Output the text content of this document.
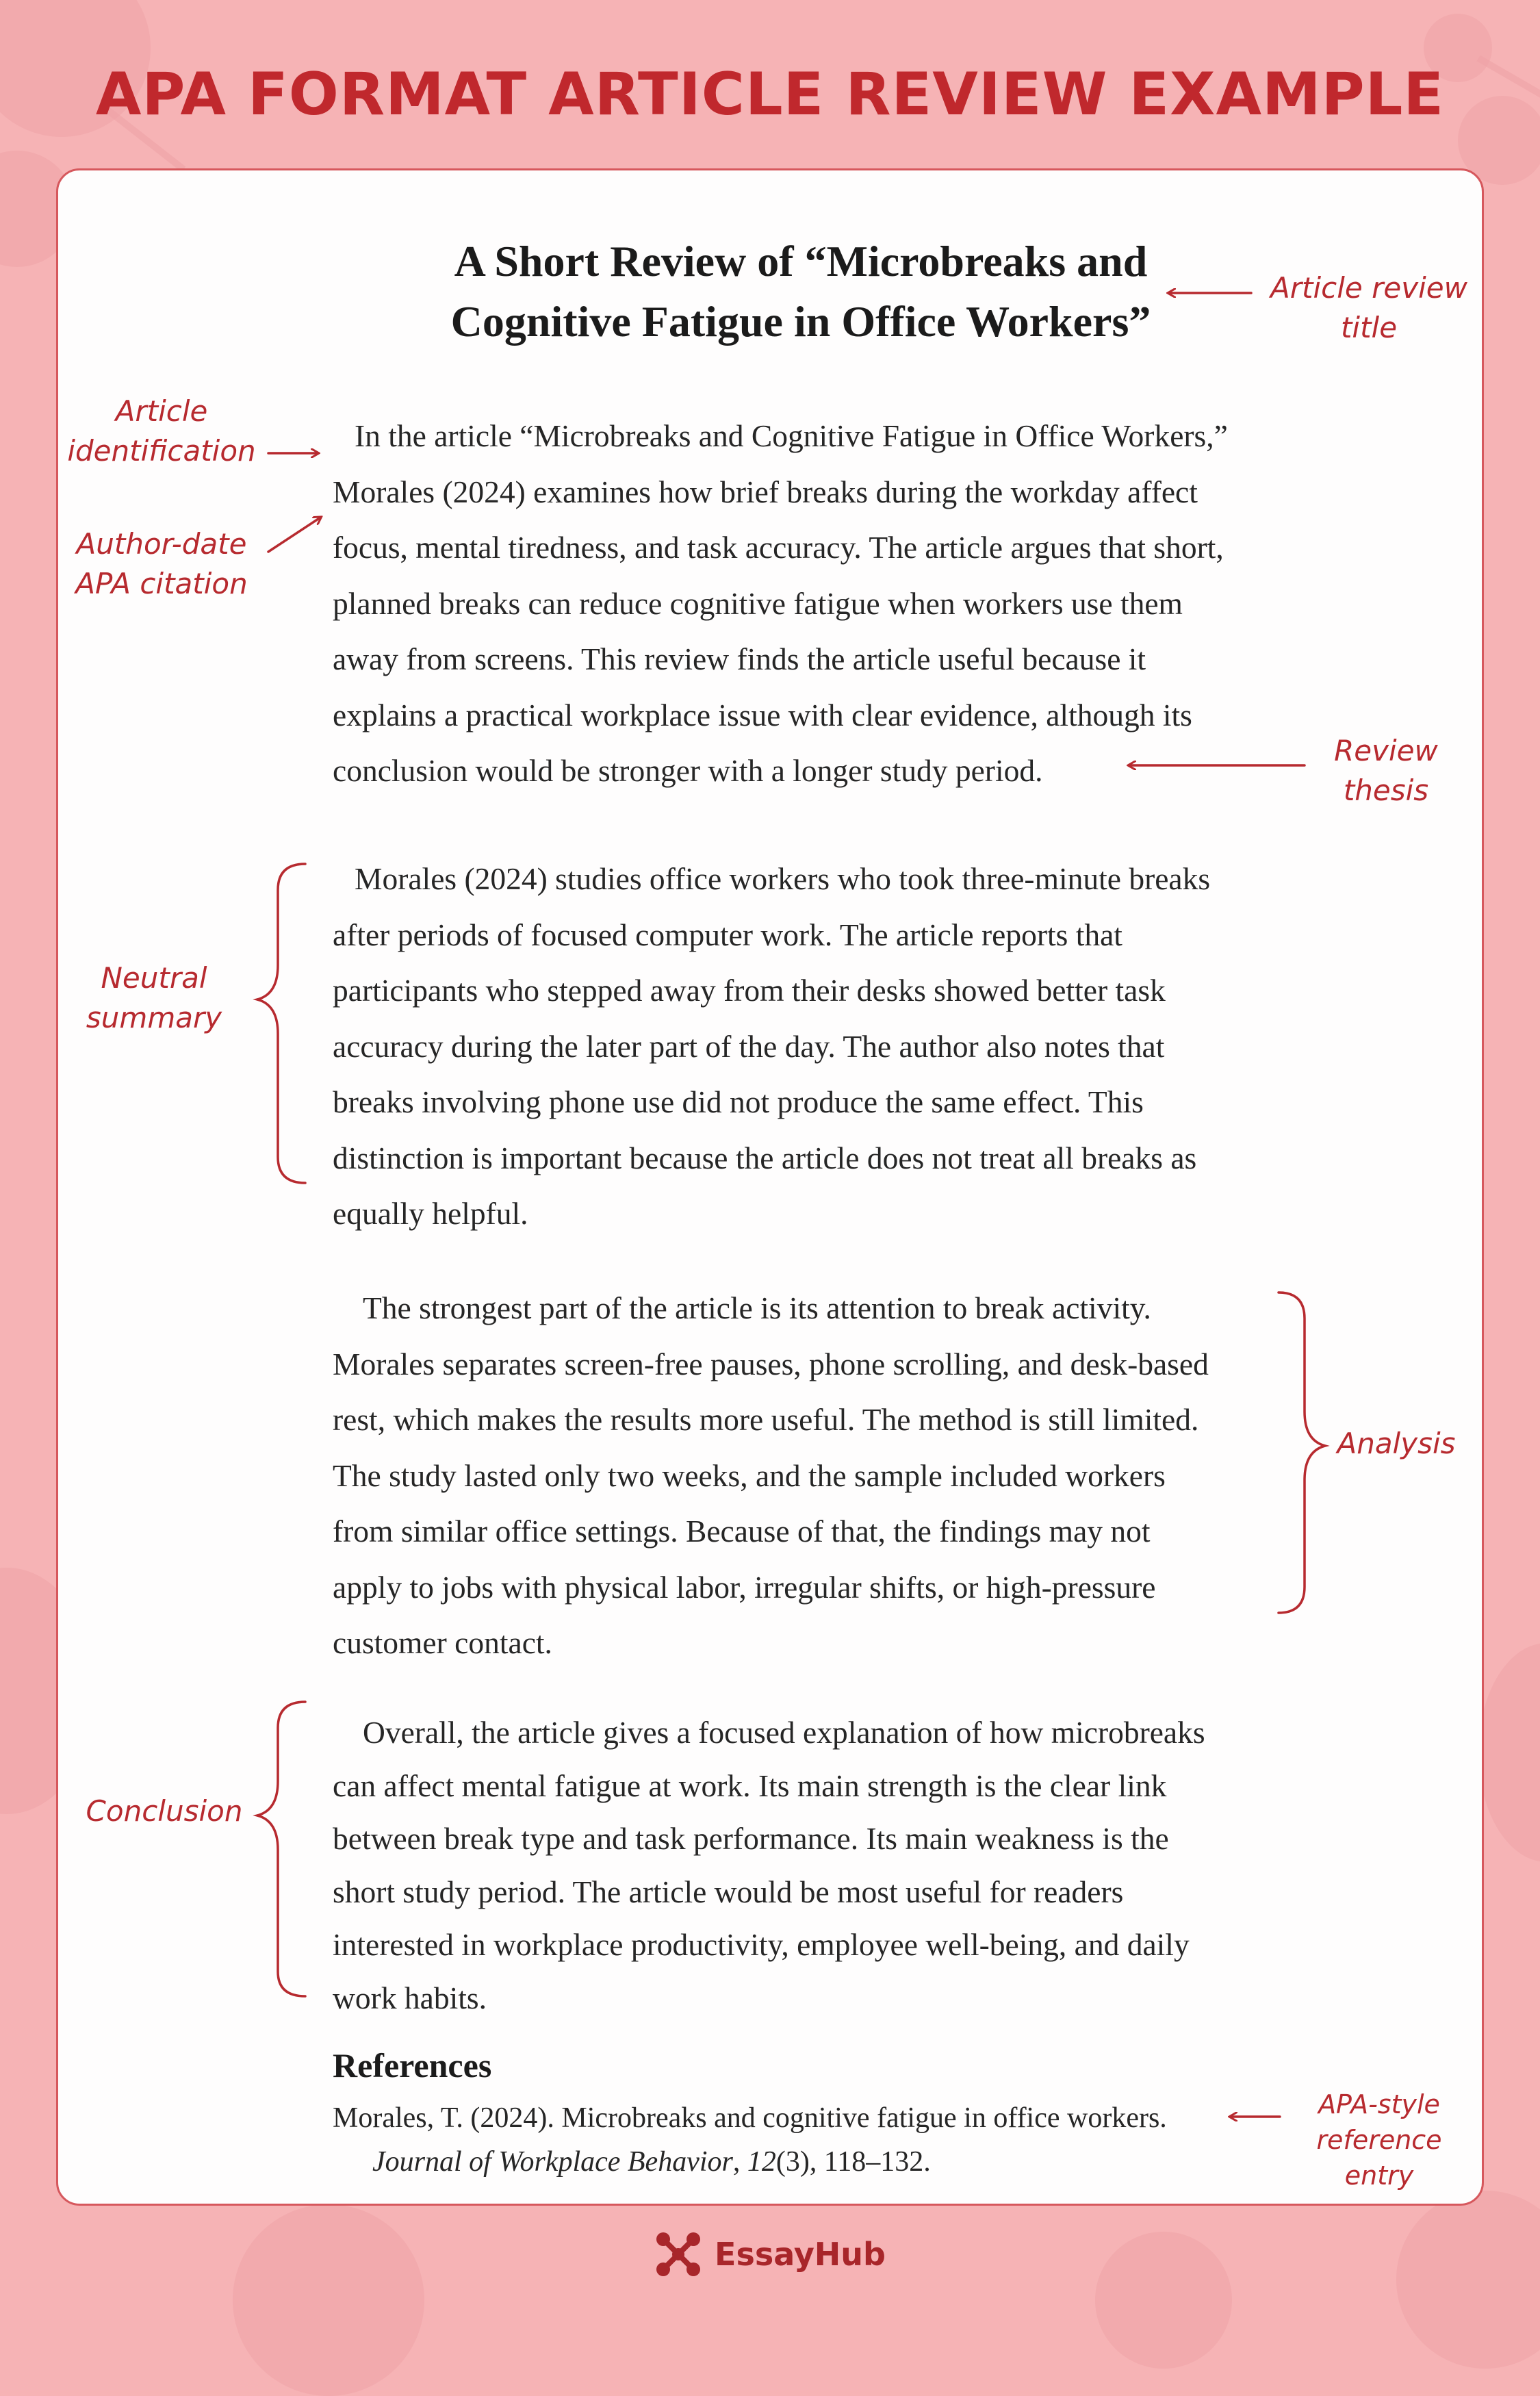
APA FORMAT ARTICLE REVIEW EXAMPLE
A Short Review of “Microbreaks and
Cognitive Fatigue in Office Workers”
In the article “Microbreaks and Cognitive Fatigue in Office Workers,”
Morales (2024) examines how brief breaks during the workday affect
focus, mental tiredness, and task accuracy. The article argues that short,
planned breaks can reduce cognitive fatigue when workers use them
away from screens. This review finds the article useful because it
explains a practical workplace issue with clear evidence, although its
conclusion would be stronger with a longer study period.
Morales (2024) studies office workers who took three-minute breaks
after periods of focused computer work. The article reports that
participants who stepped away from their desks showed better task
accuracy during the later part of the day. The author also notes that
breaks involving phone use did not produce the same effect. This
distinction is important because the article does not treat all breaks as
equally helpful.
The strongest part of the article is its attention to break activity.
Morales separates screen-free pauses, phone scrolling, and desk-based
rest, which makes the results more useful. The method is still limited.
The study lasted only two weeks, and the sample included workers
from similar office settings. Because of that, the findings may not
apply to jobs with physical labor, irregular shifts, or high-pressure
customer contact.
Overall, the article gives a focused explanation of how microbreaks
can affect mental fatigue at work. Its main strength is the clear link
between break type and task performance. Its main weakness is the
short study period. The article would be most useful for readers
interested in workplace productivity, employee well-being, and daily
work habits.
References
Morales, T. (2024). Microbreaks and cognitive fatigue in office workers.
Journal of Workplace Behavior, 12(3), 118–132.
Article review
title
Article
identification
Author-date
APA citation
Review
thesis
Neutral
summary
Analysis
Conclusion
APA-style
reference entry
EssayHub
